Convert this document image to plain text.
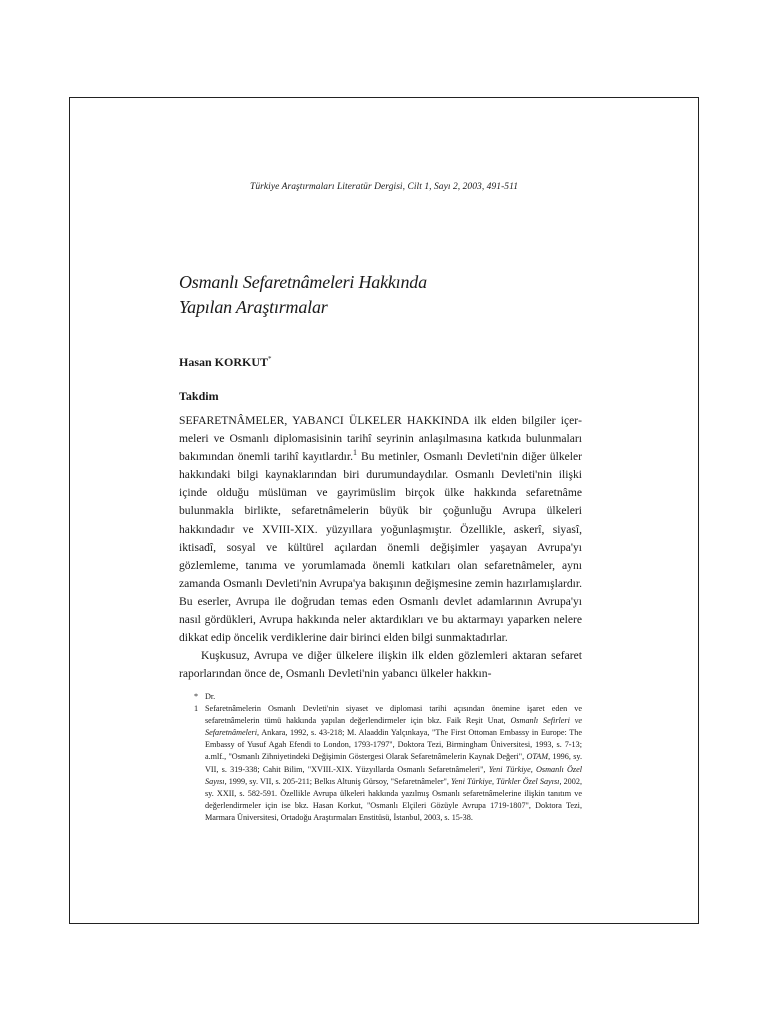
Türkiye Araştırmaları Literatür Dergisi, Cilt 1, Sayı 2, 2003, 491-511
Osmanlı Sefaretnâmeleri Hakkında
Yapılan Araştırmalar
Hasan KORKUT*
Takdim

SEFARETNÂMELER, YABANCI ÜLKELER HAKKINDA ilk elden bilgiler içermeleri ve Osmanlı diplomasisinin tarihî seyrinin anlaşılmasına katkıda bulunmaları bakımından önemli tarihî kayıtlardır.$^1$ Bu metinler, Osmanlı Devleti'nin diğer ülkeler hakkındaki bilgi kaynaklarından biri durumundaydılar. Osmanlı Devleti'nin ilişki içinde olduğu müslüman ve gayrimüslim birçok ülke hakkında sefaretnâme bulunmakla birlikte, sefaretnâmelerin büyük bir çoğunluğu Avrupa ülkeleri hakkındadır ve XVIII-XIX. yüzyıllara yoğunlaşmıştır. Özellikle, askerî, siyasî, iktisadî, sosyal ve kültürel açılardan önemli değişimler yaşayan Avrupa'yı gözlemleme, tanıma ve yorumlamada önemli katkıları olan sefaretnâmeler, aynı zamanda Osmanlı Devleti'nin Avrupa'ya bakışının değişmesine zemin hazırlamışlardır. Bu eserler, Avrupa ile doğrudan temas eden Osmanlı devlet adamlarının Avrupa'yı nasıl gördükleri, Avrupa hakkında neler aktardıkları ve bu aktarmayı yaparken nelere dikkat edip öncelik verdiklerine dair birinci elden bilgi sunmaktadırlar.

Kuşkusuz, Avrupa ve diğer ülkelere ilişkin ilk elden gözlemleri aktaran sefaret raporlarından önce de, Osmanlı Devleti'nin yabancı ülkeler hakkın-

* Dr.
1 Sefaretnâmelerin Osmanlı Devleti'nin siyaset ve diplomasi tarihi açısından önemine işaret eden ve sefaretnâmelerin tümü hakkında yapılan değerlendirmeler için bkz. Faik Reşit Unat, Osmanlı Sefirleri ve Sefaretnâmeleri, Ankara, 1992, s. 43-218; M. Alaaddin Yalçınkaya, "The First Ottoman Embassy in Europe: The Embassy of Yusuf Agah Efendi to London, 1793-1797", Doktora Tezi, Birmingham Üniversitesi, 1993, s. 7-13; a.mlf., "Osmanlı Zihniyetindeki Değişimin Göstergesi Olarak Sefaretnâmelerin Kaynak Değeri", OTAM, 1996, sy. VII, s. 319-338; Cahit Bilim, "XVIII.-XIX. Yüzyıllarda Osmanlı Sefaretnâmeleri", Yeni Türkiye, Osmanlı Özel Sayısı, 1999, sy. VII, s. 205-211; Belkıs Altuniş Gürsoy, "Sefaretnâmeler", Yeni Türkiye, Türkler Özel Sayısı, 2002, sy. XXII, s. 582-591. Özellikle Avrupa ülkeleri hakkında yazılmış Osmanlı sefaretnâmelerine ilişkin tanıtım ve değerlendirmeler için ise bkz. Hasan Korkut, "Osmanlı Elçileri Gözüyle Avrupa 1719-1807", Doktora Tezi, Marmara Üniversitesi, Ortadoğu Araştırmaları Enstitüsü, İstanbul, 2003, s. 15-38.
